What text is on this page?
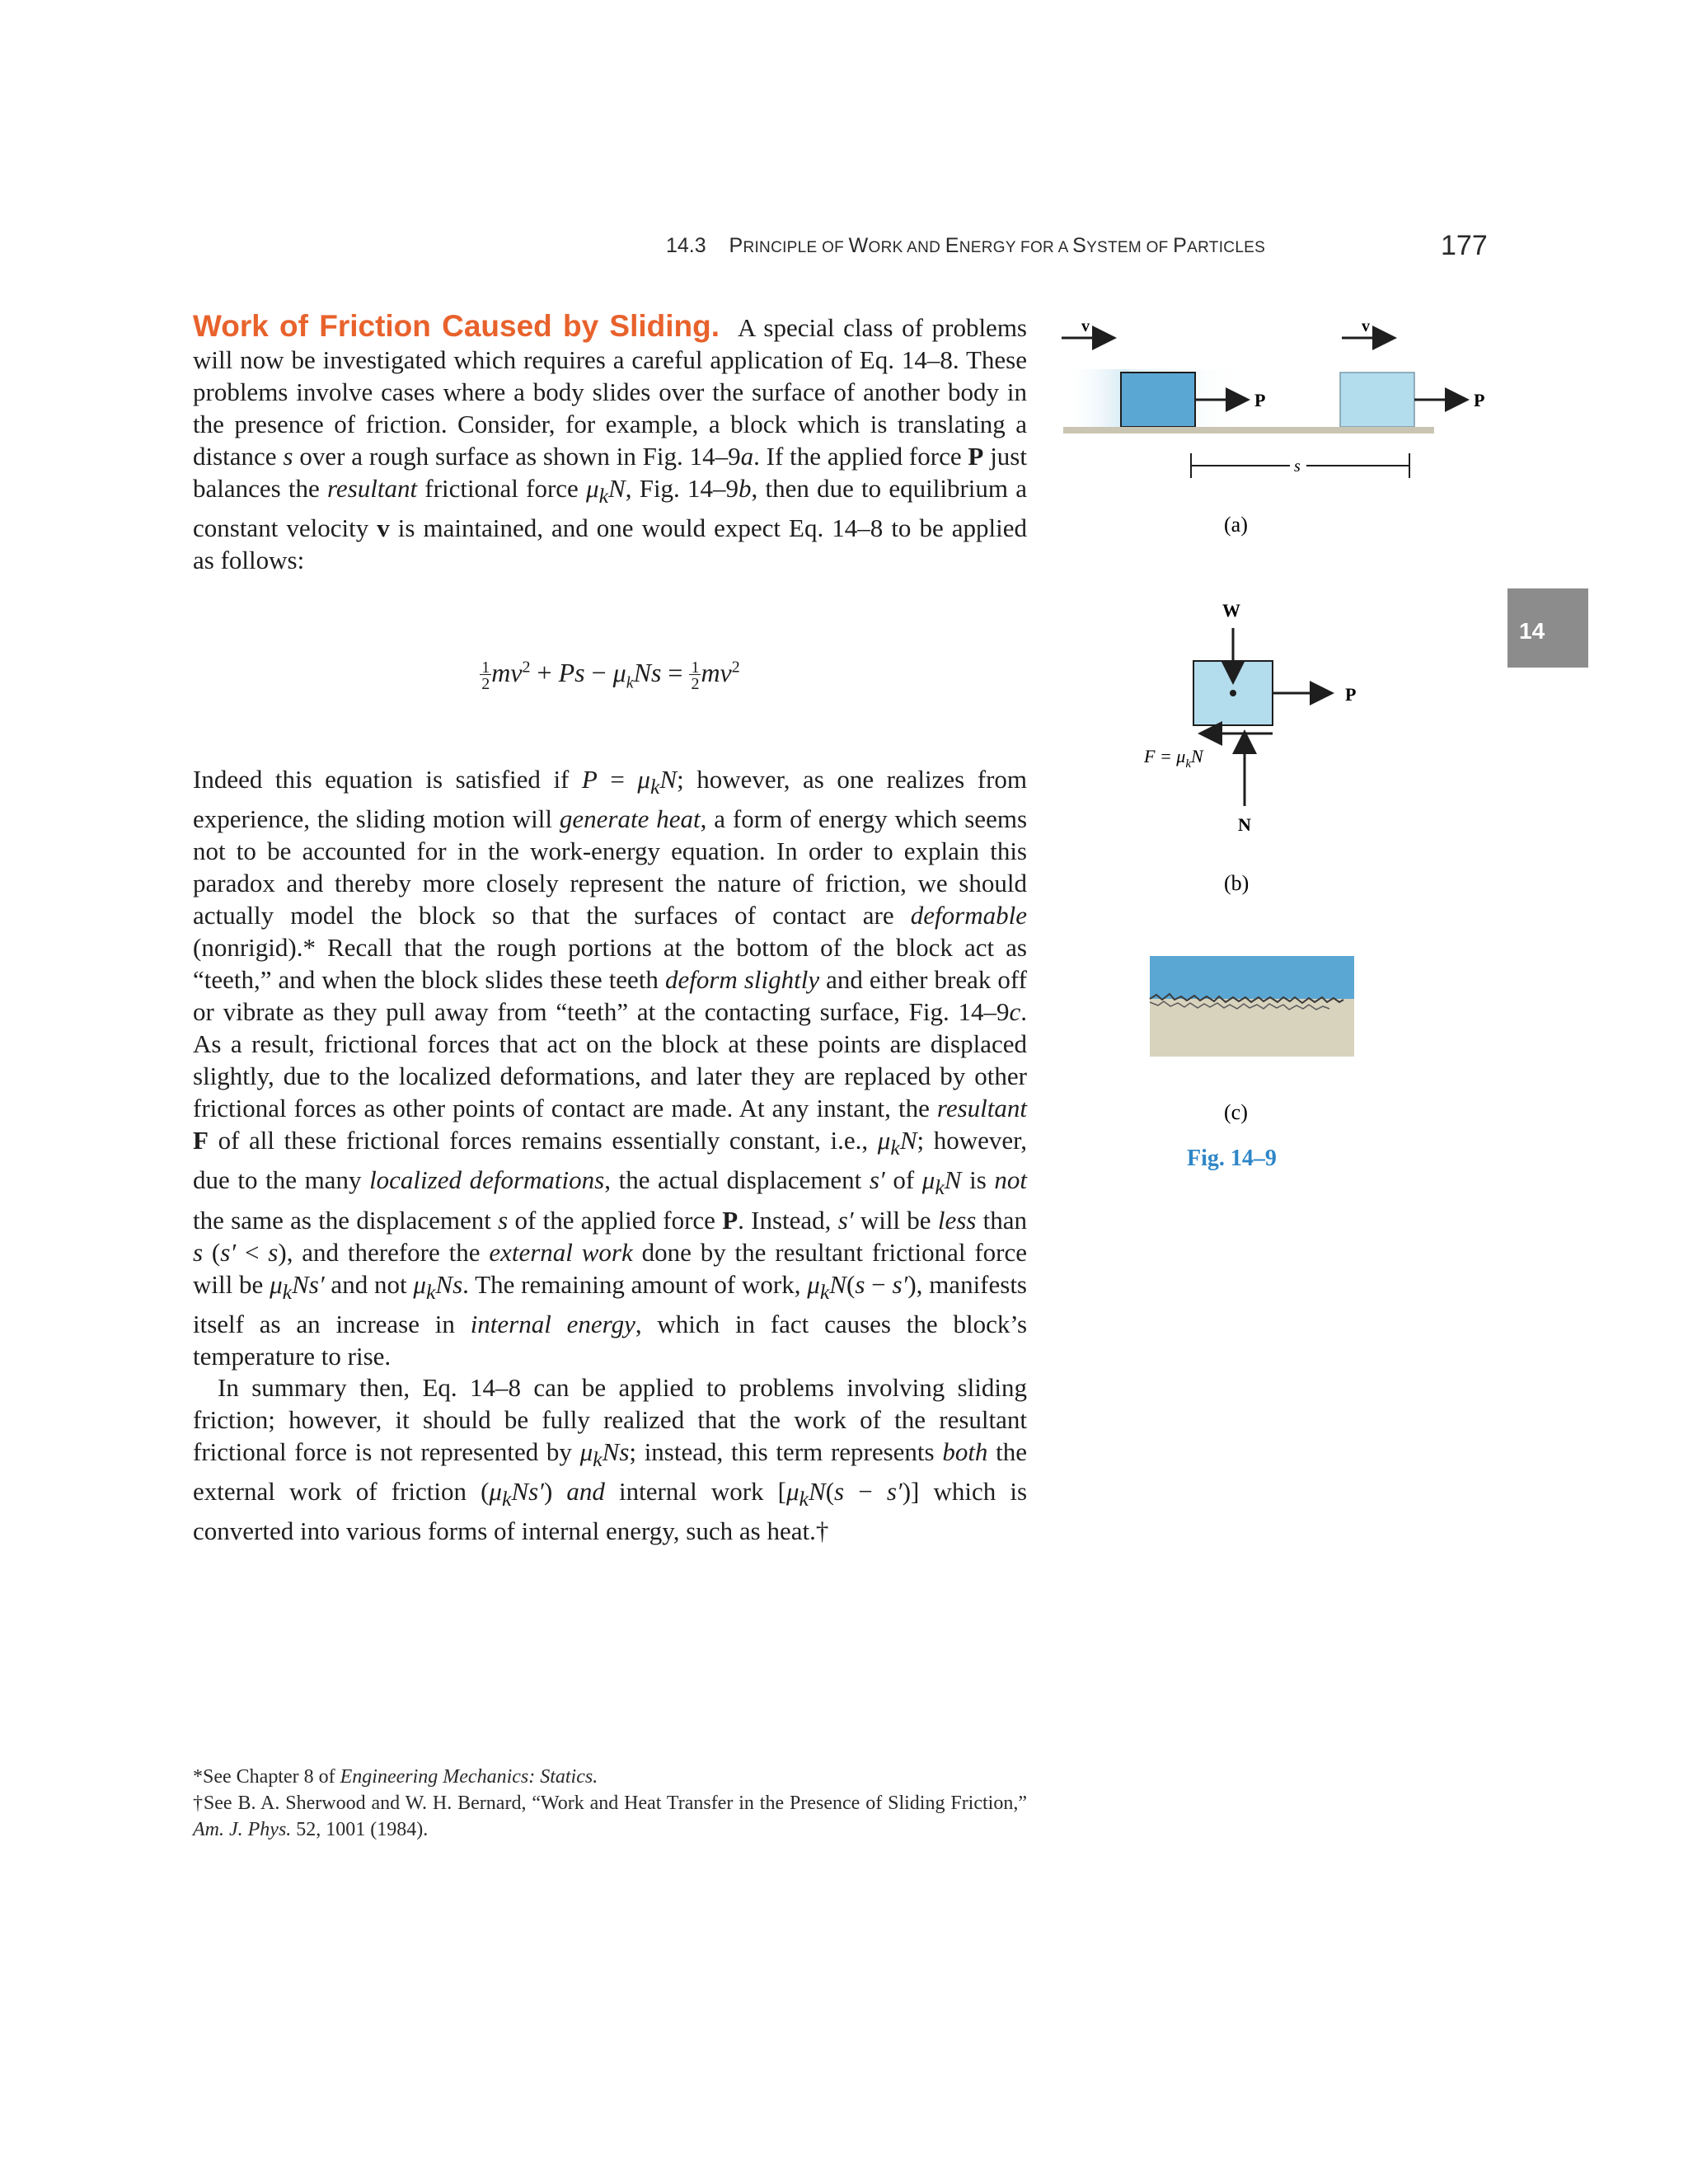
14.3 PRINCIPLE OF WORK AND ENERGY FOR A SYSTEM OF PARTICLES	177
14
Work of Friction Caused by Sliding. A special class of problems will now be investigated which requires a careful application of Eq. 14–8. These problems involve cases where a body slides over the surface of another body in the presence of friction. Consider, for example, a block which is translating a distance s over a rough surface as shown in Fig. 14–9a. If the applied force P just balances the resultant frictional force $\mu_kN$, Fig. 14–9b, then due to equilibrium a constant velocity v is maintained, and one would expect Eq. 14–8 to be applied as follows:
$\frac{1}{2}mv^2 + Ps - \mu_kNs = \frac{1}{2}mv^2$
Indeed this equation is satisfied if $P = \mu_kN$; however, as one realizes from experience, the sliding motion will generate heat, a form of energy which seems not to be accounted for in the work-energy equation. In order to explain this paradox and thereby more closely represent the nature of friction, we should actually model the block so that the surfaces of contact are deformable (nonrigid).* Recall that the rough portions at the bottom of the block act as “teeth,” and when the block slides these teeth deform slightly and either break off or vibrate as they pull away from “teeth” at the contacting surface, Fig. 14–9c. As a result, frictional forces that act on the block at these points are displaced slightly, due to the localized deformations, and later they are replaced by other frictional forces as other points of contact are made. At any instant, the resultant F of all these frictional forces remains essentially constant, i.e., $\mu_kN$; however, due to the many localized deformations, the actual displacement s′ of $\mu_kN$ is not the same as the displacement s of the applied force P. Instead, s′ will be less than s (s′ < s), and therefore the external work done by the resultant frictional force will be $\mu_kNs'$ and not $\mu_kNs$. The remaining amount of work, $\mu_kN(s - s')$, manifests itself as an increase in internal energy, which in fact causes the block’s temperature to rise.
In summary then, Eq. 14–8 can be applied to problems involving sliding friction; however, it should be fully realized that the work of the resultant frictional force is not represented by $\mu_kNs$; instead, this term represents both the external work of friction $(\mu_kNs')$ and internal work $[\mu_kN(s - s')]$ which is converted into various forms of internal energy, such as heat.†
*See Chapter 8 of Engineering Mechanics: Statics.
†See B. A. Sherwood and W. H. Bernard, “Work and Heat Transfer in the Presence of Sliding Friction,” Am. J. Phys. 52, 1001 (1984).
v	v
P	P
s
(a)
W
P
$F = \mu_kN$
N
(b)
(c)
Fig. 14–9
